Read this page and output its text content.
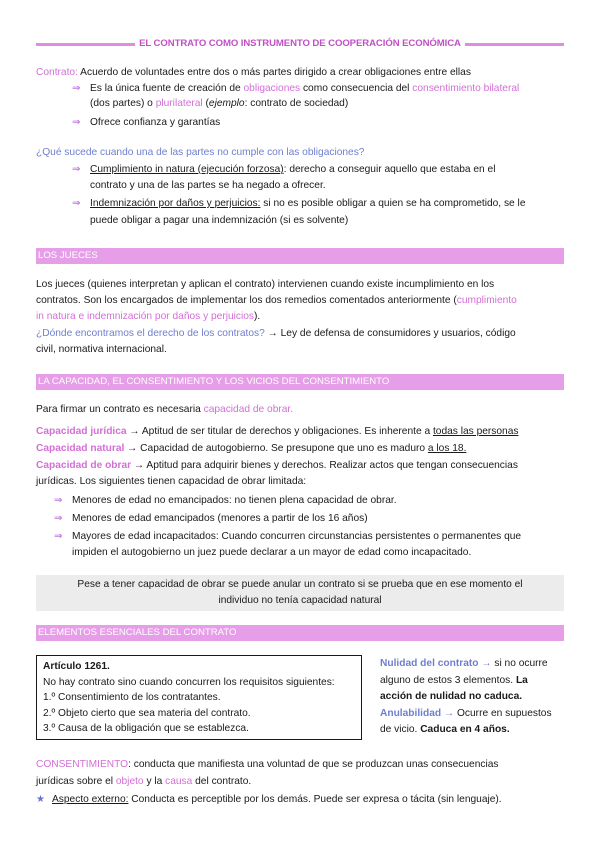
EL CONTRATO COMO INSTRUMENTO DE COOPERACIÓN ECONÓMICA
Contrato: Acuerdo de voluntades entre dos o más partes dirigido a crear obligaciones entre ellas
⇒ Es la única fuente de creación de obligaciones como consecuencia del consentimiento bilateral
(dos partes) o plurilateral (ejemplo: contrato de sociedad)
⇒ Ofrece confianza y garantías
¿Qué sucede cuando una de las partes no cumple con las obligaciones?
⇒ Cumplimiento in natura (ejecución forzosa): derecho a conseguir aquello que estaba en el
contrato y una de las partes se ha negado a ofrecer.
⇒ Indemnización por daños y perjuicios: si no es posible obligar a quien se ha comprometido, se le
puede obligar a pagar una indemnización (si es solvente)
LOS JUECES
Los jueces (quienes interpretan y aplican el contrato) intervienen cuando existe incumplimiento en los
contratos. Son los encargados de implementar los dos remedios comentados anteriormente (cumplimiento
in natura e indemnización por daños y perjuicios).
¿Dónde encontramos el derecho de los contratos? → Ley de defensa de consumidores y usuarios, código
civil, normativa internacional.
LA CAPACIDAD, EL CONSENTIMIENTO Y LOS VICIOS DEL CONSENTIMIENTO
Para firmar un contrato es necesaria capacidad de obrar.
Capacidad jurídica → Aptitud de ser titular de derechos y obligaciones. Es inherente a todas las personas
Capacidad natural → Capacidad de autogobierno. Se presupone que uno es maduro a los 18.
Capacidad de obrar → Aptitud para adquirir bienes y derechos. Realizar actos que tengan consecuencias
jurídicas. Los siguientes tienen capacidad de obrar limitada:
⇒ Menores de edad no emancipados: no tienen plena capacidad de obrar.
⇒ Menores de edad emancipados (menores a partir de los 16 años)
⇒ Mayores de edad incapacitados: Cuando concurren circunstancias persistentes o permanentes que
impiden el autogobierno un juez puede declarar a un mayor de edad como incapacitado.
Pese a tener capacidad de obrar se puede anular un contrato si se prueba que en ese momento el
individuo no tenía capacidad natural
ELEMENTOS ESENCIALES DEL CONTRATO
Artículo 1261.
No hay contrato sino cuando concurren los requisitos siguientes:
1.º Consentimiento de los contratantes.
2.º Objeto cierto que sea materia del contrato.
3.º Causa de la obligación que se establezca.
Nulidad del contrato → si no ocurre
alguno de estos 3 elementos. La
acción de nulidad no caduca.
Anulabilidad → Ocurre en supuestos
de vicio. Caduca en 4 años.
CONSENTIMIENTO: conducta que manifiesta una voluntad de que se produzcan unas consecuencias
jurídicas sobre el objeto y la causa del contrato.
★ Aspecto externo: Conducta es perceptible por los demás. Puede ser expresa o tácita (sin lenguaje).
